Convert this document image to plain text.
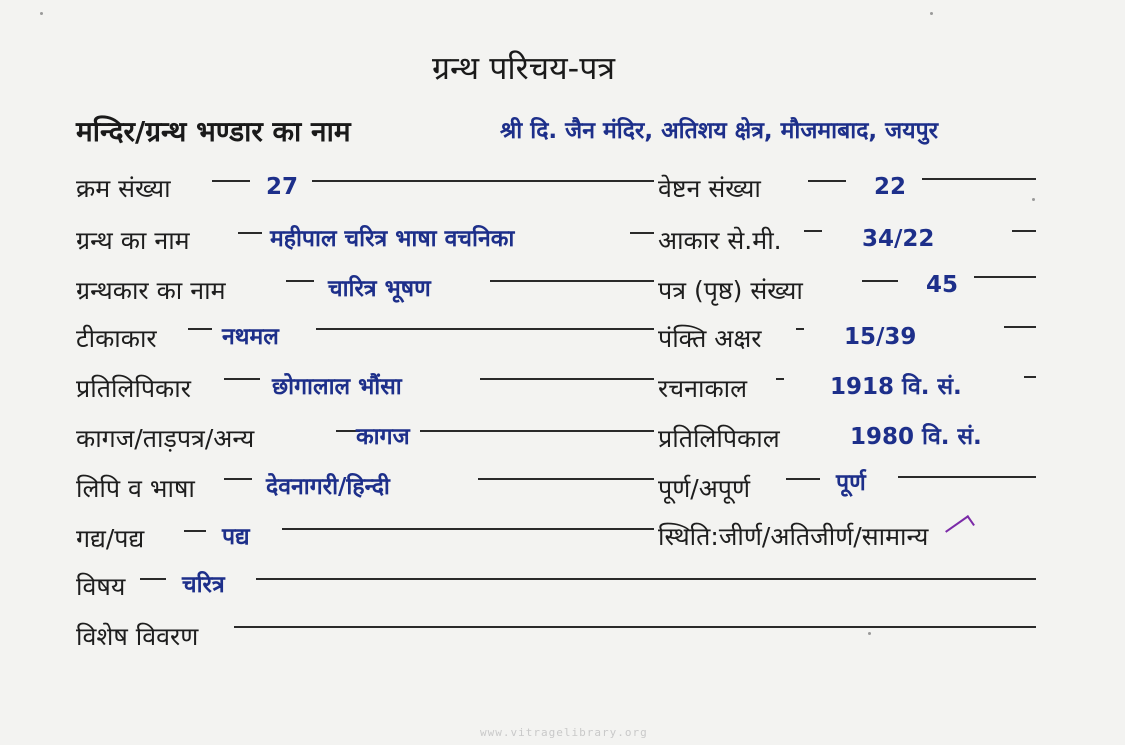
ग्रन्थ परिचय-पत्र
मन्दिर/ग्रन्थ भण्डार का नाम	श्री दि. जैन मंदिर, अतिशय क्षेत्र, मौजमाबाद, जयपुर
क्रम संख्या	27	वेष्टन संख्या	22
ग्रन्थ का नाम	महीपाल चरित्र भाषा वचनिका	आकार से.मी.	34/22
ग्रन्थकार का नाम	चारित्र भूषण	पत्र (पृष्ठ) संख्या	45
टीकाकार	नथमल	पंक्ति अक्षर	15/39
प्रतिलिपिकार	छोगालाल भौंसा	रचनाकाल	1918 वि. सं.
कागज/ताड़पत्र/अन्य	कागज	प्रतिलिपिकाल	1980 वि. सं.
लिपि व भाषा	देवनागरी/हिन्दी	पूर्ण/अपूर्ण	पूर्ण
गद्य/पद्य	पद्य	स्थिति:जीर्ण/अतिजीर्ण/सामान्य
विषय चरित्र
विशेष विवरण
www.vitragelibrary.org
